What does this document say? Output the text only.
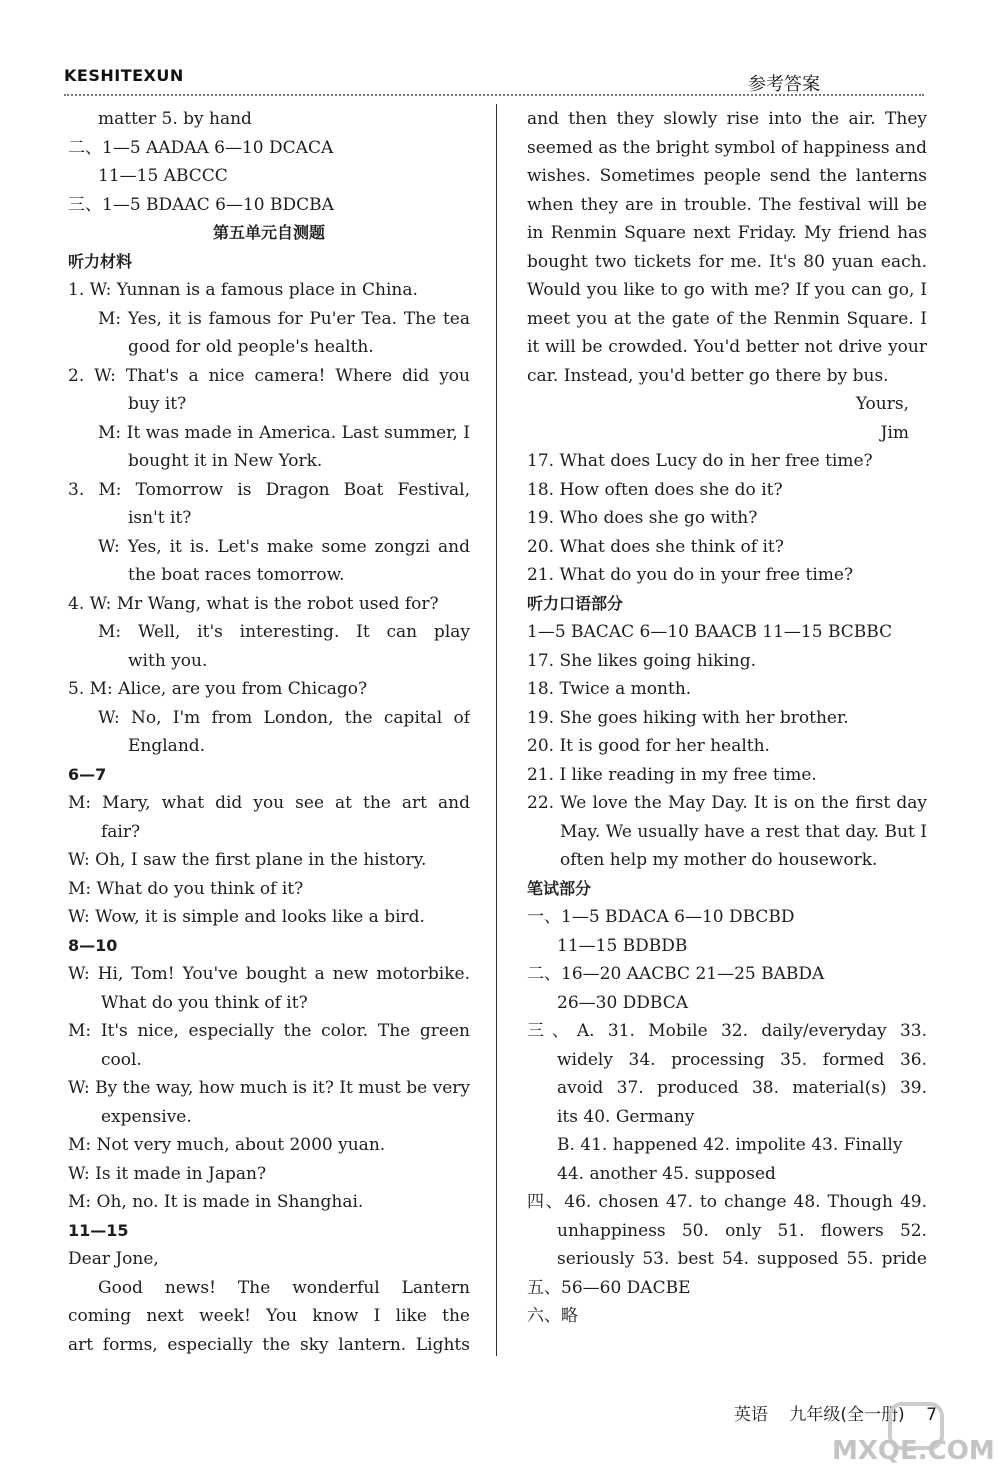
KESHITEXUN	参考答案
matter 5. by hand
二、1—5 AADAA 6—10 DCACA
11—15 ABCCC
三、1—5 BDAAC 6—10 BDCBA
第五单元自测题
听力材料
1. W: Yunnan is a famous place in China.
M: Yes, it is famous for Pu'er Tea. The tea
good for old people's health.
2. W: That's a nice camera! Where did you
buy it?
M: It was made in America. Last summer, I
bought it in New York.
3. M: Tomorrow is Dragon Boat Festival,
isn't it?
W: Yes, it is. Let's make some zongzi and
the boat races tomorrow.
4. W: Mr Wang, what is the robot used for?
M: Well, it's interesting. It can play
with you.
5. M: Alice, are you from Chicago?
W: No, I'm from London, the capital of
England.
6—7
M: Mary, what did you see at the art and
fair?
W: Oh, I saw the first plane in the history.
M: What do you think of it?
W: Wow, it is simple and looks like a bird.
8—10
W: Hi, Tom! You've bought a new motorbike.
What do you think of it?
M: It's nice, especially the color. The green
cool.
W: By the way, how much is it? It must be very
expensive.
M: Not very much, about 2000 yuan.
W: Is it made in Japan?
M: Oh, no. It is made in Shanghai.
11—15
Dear Jone,
Good news! The wonderful Lantern
coming next week! You know I like the
art forms, especially the sky lantern. Lights
and then they slowly rise into the air. They
seemed as the bright symbol of happiness and
wishes. Sometimes people send the lanterns
when they are in trouble. The festival will be
in Renmin Square next Friday. My friend has
bought two tickets for me. It's 80 yuan each.
Would you like to go with me? If you can go, I
meet you at the gate of the Renmin Square. I
it will be crowded. You'd better not drive your
car. Instead, you'd better go there by bus.
Yours,
Jim
17. What does Lucy do in her free time?
18. How often does she do it?
19. Who does she go with?
20. What does she think of it?
21. What do you do in your free time?
听力口语部分
1—5 BACAC 6—10 BAACB 11—15 BCBBC
17. She likes going hiking.
18. Twice a month.
19. She goes hiking with her brother.
20. It is good for her health.
21. I like reading in my free time.
22. We love the May Day. It is on the first day
May. We usually have a rest that day. But I
often help my mother do housework.
笔试部分
一、1—5 BDACA 6—10 DBCBD
11—15 BDBDB
二、16—20 AACBC 21—25 BABDA
26—30 DDBCA
三、A. 31. Mobile 32. daily/everyday 33.
widely 34. processing 35. formed 36.
avoid 37. produced 38. material(s) 39.
its 40. Germany
B. 41. happened 42. impolite 43. Finally
44. another 45. supposed
四、46. chosen 47. to change 48. Though 49.
unhappiness 50. only 51. flowers 52.
seriously 53. best 54. supposed 55. pride
五、56—60 DACBE
六、略
英语 九年级(全一册) 7
MXQE.COM
